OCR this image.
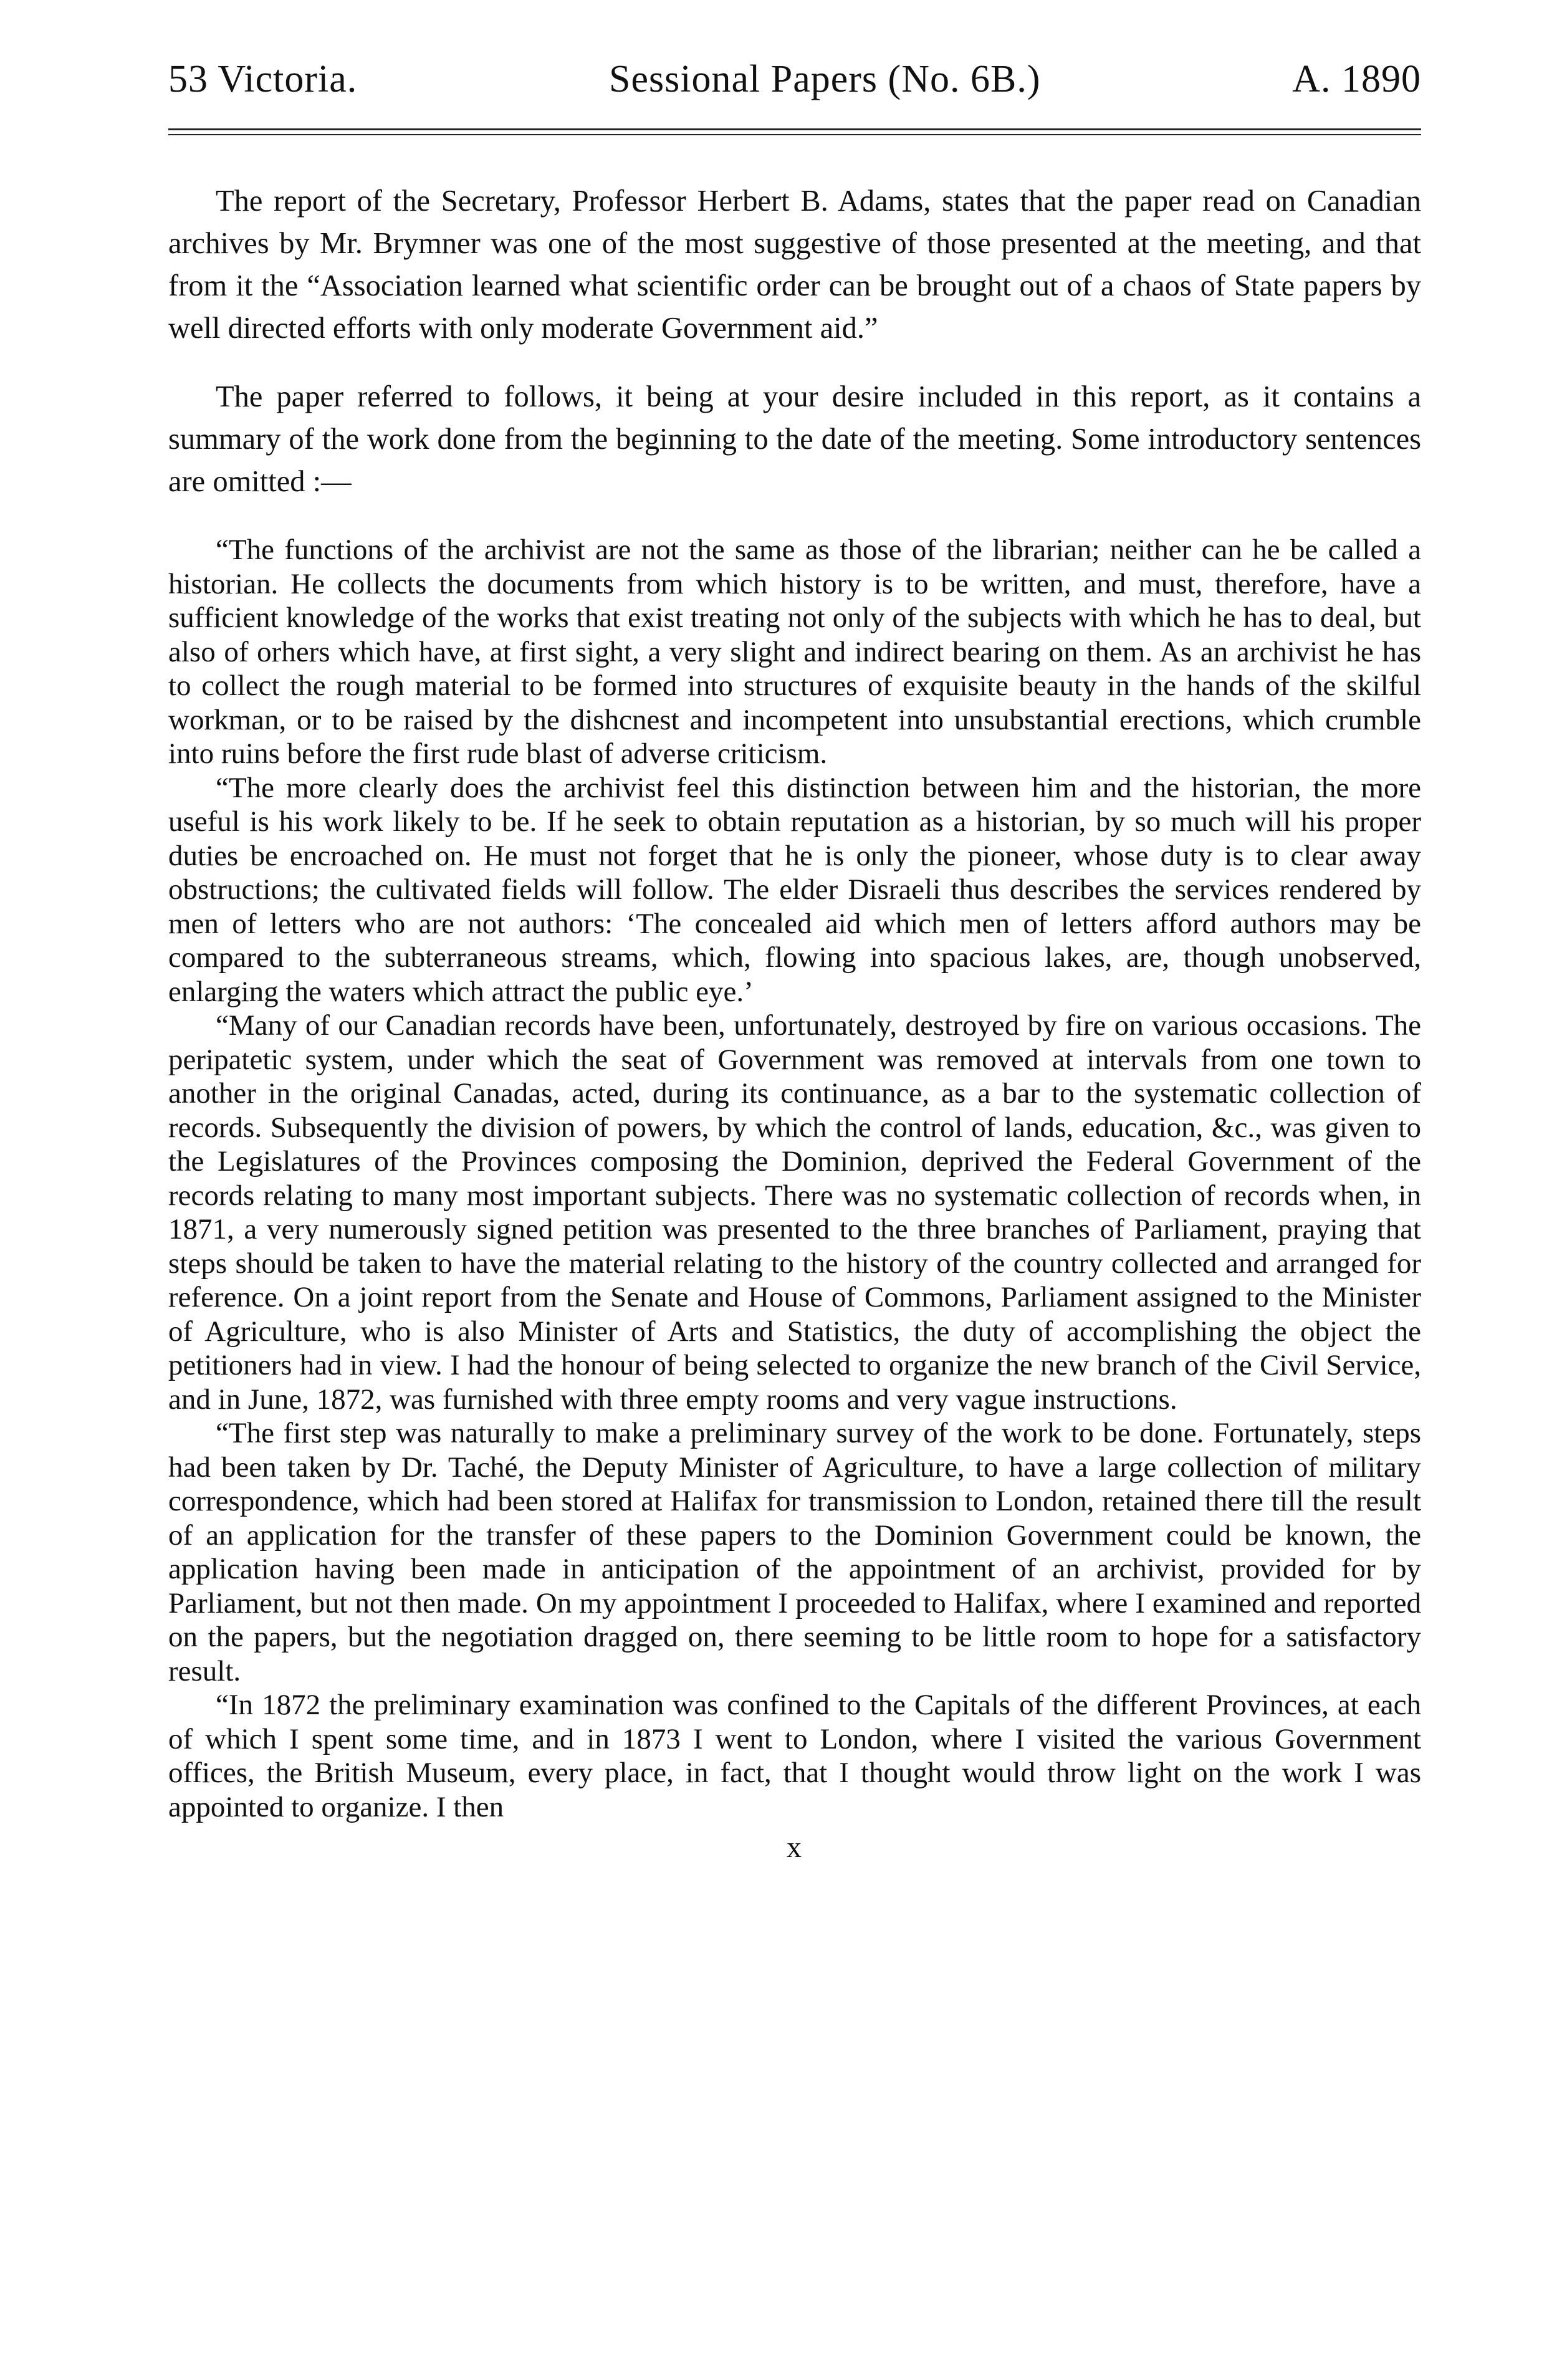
53 Victoria.	Sessional Papers (No. 6B.)	A. 1890

The report of the Secretary, Professor Herbert B. Adams, states that the paper read on Canadian archives by Mr. Brymner was one of the most suggestive of those presented at the meeting, and that from it the “Association learned what scientific order can be brought out of a chaos of State papers by well directed efforts with only moderate Government aid.”

The paper referred to follows, it being at your desire included in this report, as it contains a summary of the work done from the beginning to the date of the meeting. Some introductory sentences are omitted :—

“The functions of the archivist are not the same as those of the librarian; neither can he be called a historian. He collects the documents from which history is to be written, and must, therefore, have a sufficient knowledge of the works that exist treating not only of the subjects with which he has to deal, but also of orhers which have, at first sight, a very slight and indirect bearing on them. As an archivist he has to collect the rough material to be formed into structures of exquisite beauty in the hands of the skilful workman, or to be raised by the dishcnest and incompetent into unsubstantial erections, which crumble into ruins before the first rude blast of adverse criticism.

“The more clearly does the archivist feel this distinction between him and the historian, the more useful is his work likely to be. If he seek to obtain reputation as a historian, by so much will his proper duties be encroached on. He must not forget that he is only the pioneer, whose duty is to clear away obstructions; the cultivated fields will follow. The elder Disraeli thus describes the services rendered by men of letters who are not authors: ‘The concealed aid which men of letters afford authors may be compared to the subterraneous streams, which, flowing into spacious lakes, are, though unobserved, enlarging the waters which attract the public eye.’

“Many of our Canadian records have been, unfortunately, destroyed by fire on various occasions. The peripatetic system, under which the seat of Government was removed at intervals from one town to another in the original Canadas, acted, during its continuance, as a bar to the systematic collection of records. Subsequently the division of powers, by which the control of lands, education, &c., was given to the Legislatures of the Provinces composing the Dominion, deprived the Federal Government of the records relating to many most important subjects. There was no systematic collection of records when, in 1871, a very numerously signed petition was presented to the three branches of Parliament, praying that steps should be taken to have the material relating to the history of the country collected and arranged for reference. On a joint report from the Senate and House of Commons, Parliament assigned to the Minister of Agriculture, who is also Minister of Arts and Statistics, the duty of accomplishing the object the petitioners had in view. I had the honour of being selected to organize the new branch of the Civil Service, and in June, 1872, was furnished with three empty rooms and very vague instructions.

“The first step was naturally to make a preliminary survey of the work to be done. Fortunately, steps had been taken by Dr. Taché, the Deputy Minister of Agriculture, to have a large collection of military correspondence, which had been stored at Halifax for transmission to London, retained there till the result of an application for the transfer of these papers to the Dominion Government could be known, the application having been made in anticipation of the appointment of an archivist, provided for by Parliament, but not then made. On my appointment I proceeded to Halifax, where I examined and reported on the papers, but the negotiation dragged on, there seeming to be little room to hope for a satisfactory result.

“In 1872 the preliminary examination was confined to the Capitals of the different Provinces, at each of which I spent some time, and in 1873 I went to London, where I visited the various Government offices, the British Museum, every place, in fact, that I thought would throw light on the work I was appointed to organize. I then

x
